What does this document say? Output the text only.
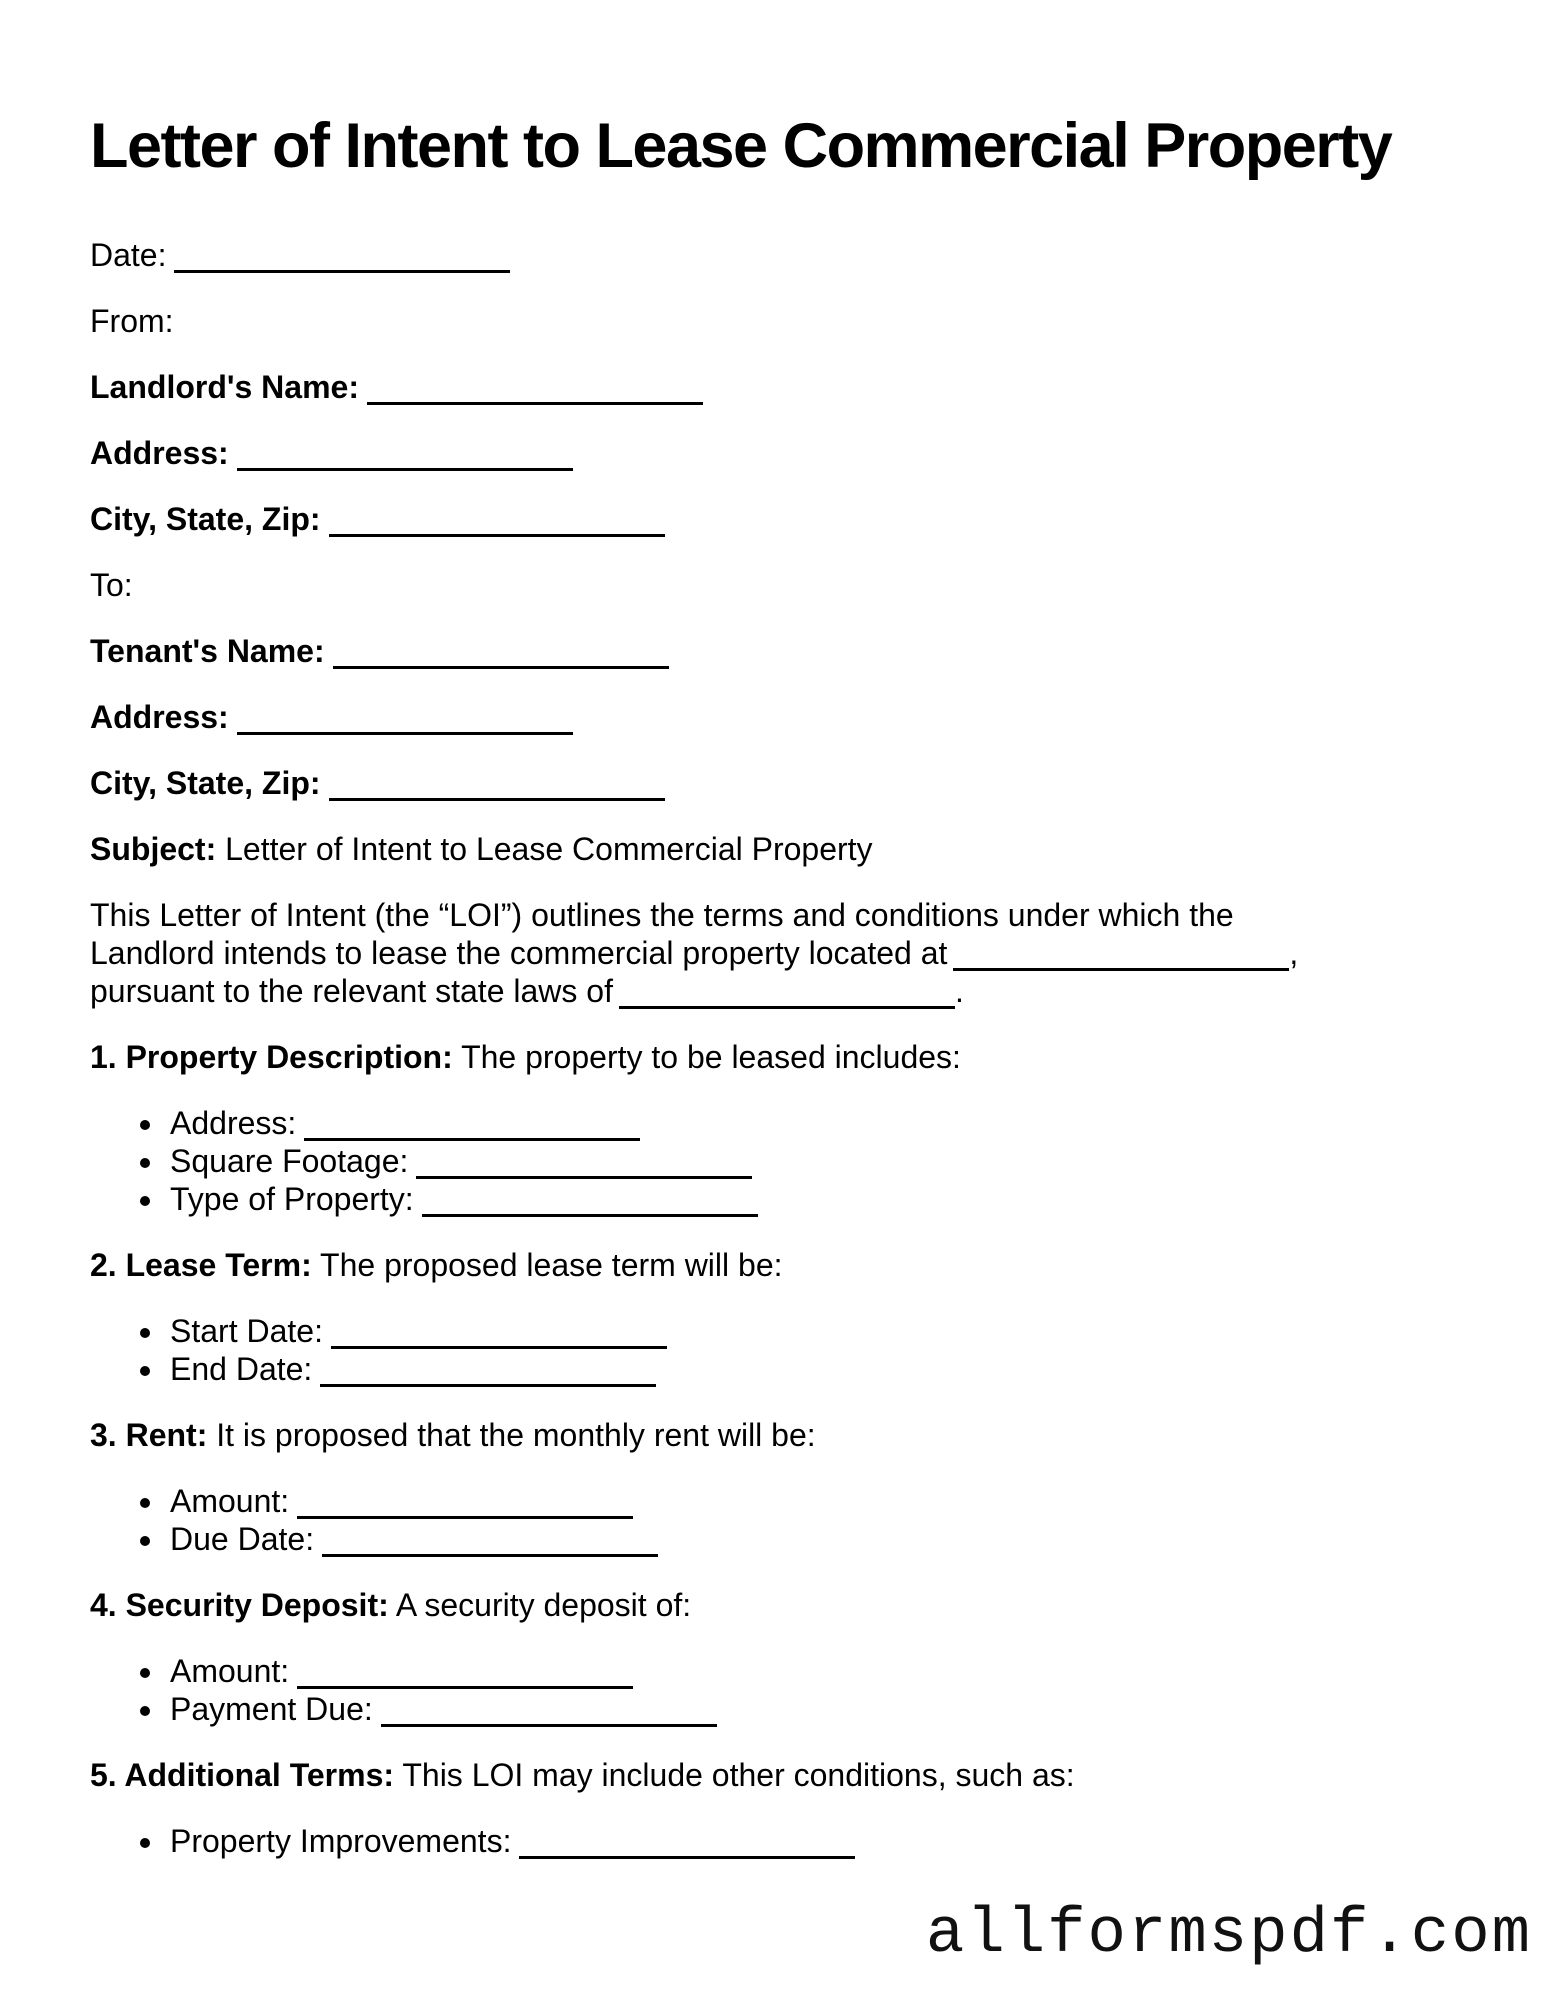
Letter of Intent to Lease Commercial Property

Date:

From:

Landlord's Name:

Address:

City, State, Zip:

To:

Tenant's Name:

Address:

City, State, Zip:

Subject: Letter of Intent to Lease Commercial Property

This Letter of Intent (the “LOI”) outlines the terms and conditions under which the
Landlord intends to lease the commercial property located at	,
pursuant to the relevant state laws of	.

1. Property Description: The property to be leased includes:

• Address:
• Square Footage:
• Type of Property:

2. Lease Term: The proposed lease term will be:

• Start Date:
• End Date:

3. Rent: It is proposed that the monthly rent will be:

• Amount:
• Due Date:

4. Security Deposit: A security deposit of:

• Amount:
• Payment Due:

5. Additional Terms: This LOI may include other conditions, such as:

• Property Improvements:
allformspdf.com
